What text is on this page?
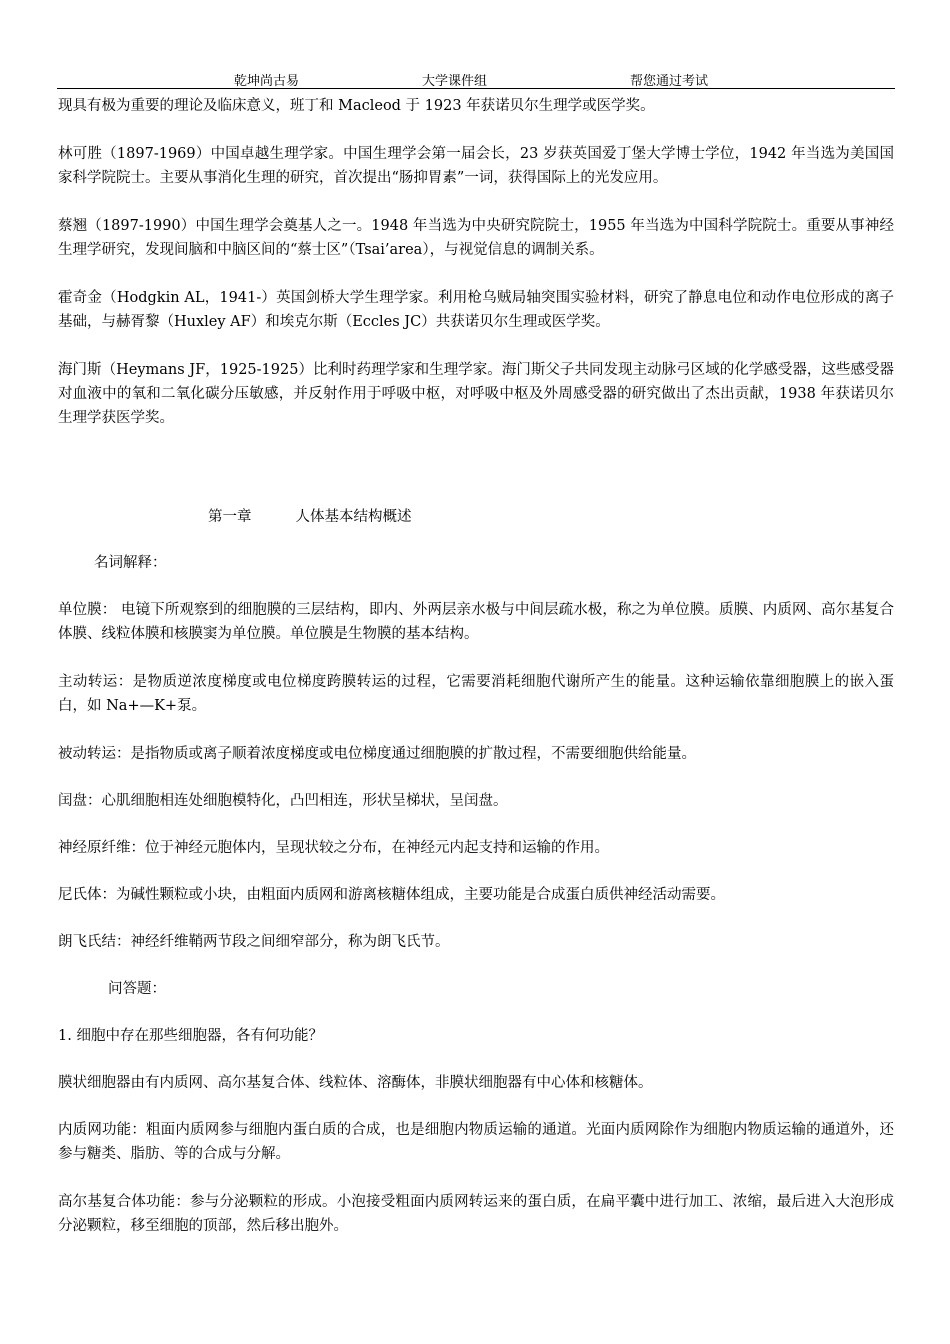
乾坤尚古易	大学课件组	帮您通过考试

现具有极为重要的理论及临床意义，班丁和 Macleod 于 1923 年获诺贝尔生理学或医学奖。

林可胜（1897-1969）中国卓越生理学家。中国生理学会第一届会长，23 岁获英国爱丁堡大学博士学位，1942 年当选为美国国家科学院院士。主要从事消化生理的研究，首次提出“肠抑胃素”一词，获得国际上的光发应用。

蔡翘（1897-1990）中国生理学会奠基人之一。1948 年当选为中央研究院院士，1955 年当选为中国科学院院士。重要从事神经生理学研究，发现间脑和中脑区间的“蔡士区”（Tsai’area），与视觉信息的调制关系。

霍奇金（Hodgkin AL，1941-）英国剑桥大学生理学家。利用枪乌贼局轴突围实验材料，研究了静息电位和动作电位形成的离子基础，与赫胥黎（Huxley AF）和埃克尔斯（Eccles JC）共获诺贝尔生理或医学奖。

海门斯（Heymans JF，1925-1925）比利时药理学家和生理学家。海门斯父子共同发现主动脉弓区域的化学感受器，这些感受器对血液中的氧和二氧化碳分压敏感，并反射作用于呼吸中枢，对呼吸中枢及外周感受器的研究做出了杰出贡献，1938 年获诺贝尔生理学获医学奖。

第一章	人体基本结构概述
名词解释：

单位膜： 电镜下所观察到的细胞膜的三层结构，即内、外两层亲水极与中间层疏水极，称之为单位膜。质膜、内质网、高尔基复合体膜、线粒体膜和核膜窦为单位膜。单位膜是生物膜的基本结构。

主动转运：是物质逆浓度梯度或电位梯度跨膜转运的过程，它需要消耗细胞代谢所产生的能量。这种运输依靠细胞膜上的嵌入蛋白，如 Na+—K+泵。

被动转运：是指物质或离子顺着浓度梯度或电位梯度通过细胞膜的扩散过程，不需要细胞供给能量。

闰盘：心肌细胞相连处细胞模特化，凸凹相连，形状呈梯状，呈闰盘。

神经原纤维：位于神经元胞体内，呈现状较之分布，在神经元内起支持和运输的作用。

尼氏体：为碱性颗粒或小块，由粗面内质网和游离核糖体组成，主要功能是合成蛋白质供神经活动需要。

朗飞氏结：神经纤维鞘两节段之间细窄部分，称为朗飞氏节。

问答题：

1. 细胞中存在那些细胞器，各有何功能？

膜状细胞器由有内质网、高尔基复合体、线粒体、溶酶体，非膜状细胞器有中心体和核糖体。

内质网功能：粗面内质网参与细胞内蛋白质的合成，也是细胞内物质运输的通道。光面内质网除作为细胞内物质运输的通道外，还参与糖类、脂肪、等的合成与分解。

高尔基复合体功能：参与分泌颗粒的形成。小泡接受粗面内质网转运来的蛋白质，在扁平囊中进行加工、浓缩，最后进入大泡形成分泌颗粒，移至细胞的顶部，然后移出胞外。
